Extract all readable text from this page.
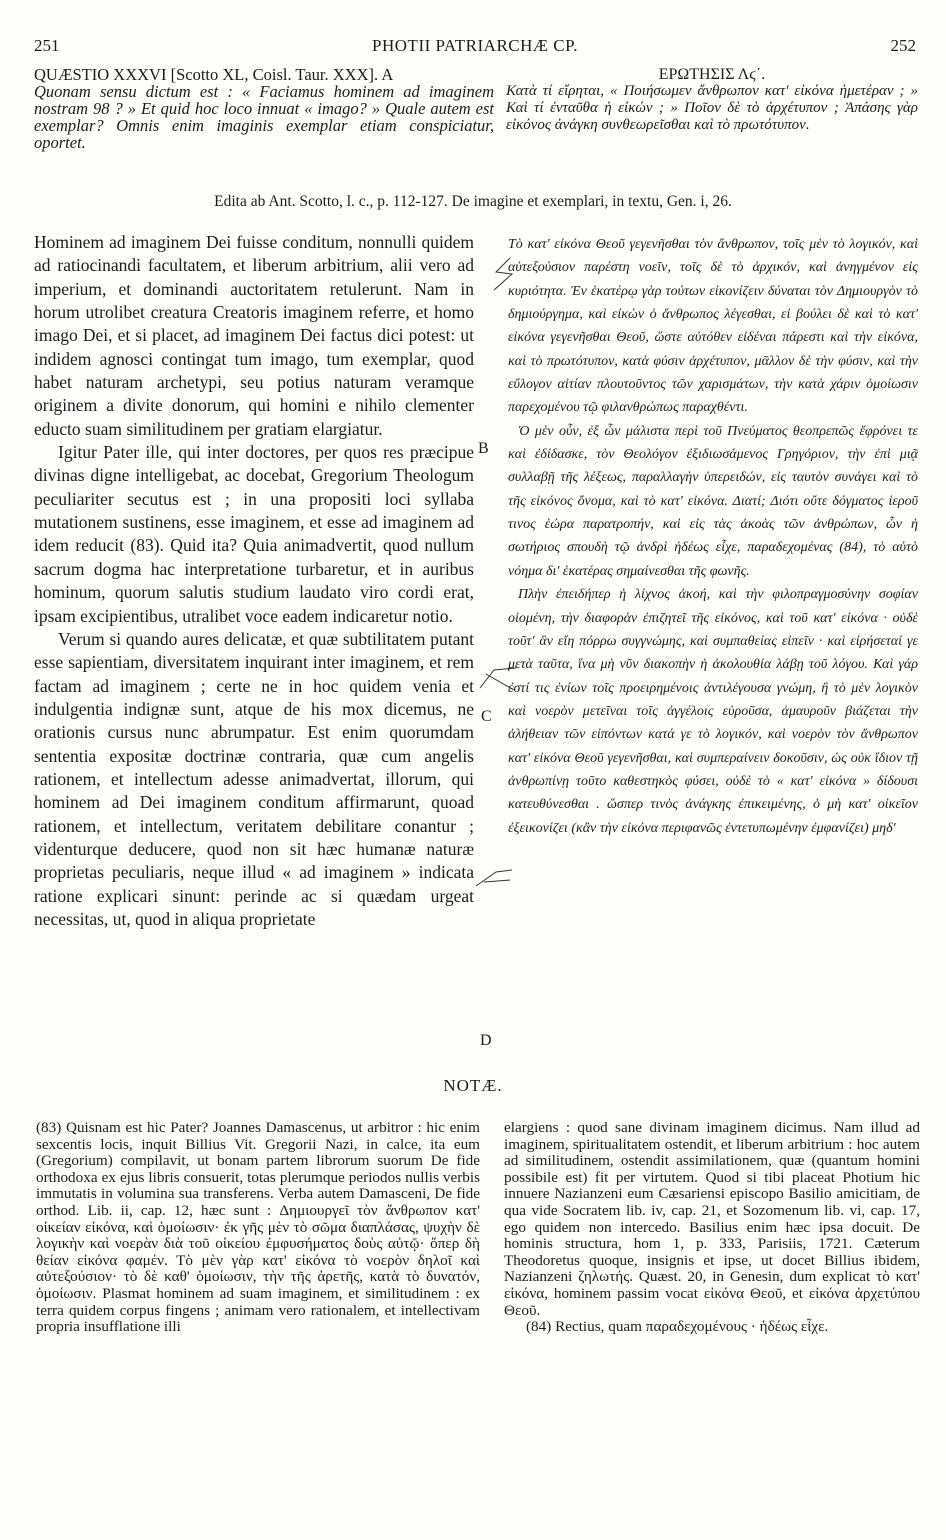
251	PHOTII PATRIARCHÆ CP.	252
QUÆSTIO XXXVI [Scotto XL, Coisl. Taur. XXX]. A
Quonam sensu dictum est : « Faciamus hominem ad imaginem nostram 98 ? » Et quid hoc loco innuat « imago? » Quale autem est exemplar? Omnis enim imaginis exemplar etiam conspiciatur, oportet.
ΕΡΩΤΗΣΙΣ Λϛ΄.
Κατὰ τί εἴρηται, « Ποιήσωμεν ἄνθρωπον κατ' εἰκόνα ἡμετέραν ; » Καὶ τί ἐνταῦθα ἡ εἰκών ; » Ποῖον δὲ τὸ ἀρχέτυπον ; Ἁπάσης γὰρ εἰκόνος ἀνάγκη συνθεωρεῖσθαι καὶ τὸ πρωτότυπον.
Edita ab Ant. Scotto, l. c., p. 112-127. De imagine et exemplari, in textu, Gen. i, 26.

Hominem ad imaginem Dei fuisse conditum, nonnulli quidem ad ratiocinandi facultatem, et liberum arbitrium, alii vero ad imperium, et dominandi auctoritatem retulerunt. Nam in horum utrolibet creatura Creatoris imaginem referre, et homo imago Dei, et si placet, ad imaginem Dei factus dici potest: ut indidem agnosci contingat tum imago, tum exemplar, quod habet naturam archetypi, seu potius naturam veramque originem a divite donorum, qui homini e nihilo clementer educto suam similitudinem per gratiam elargiatur.

Igitur Pater ille, qui inter doctores, per quos res præcipue divinas digne intelligebat, ac docebat, Gregorium Theologum peculiariter secutus est ; in una propositi loci syllaba mutationem sustinens, esse imaginem, et esse ad imaginem ad idem reducit (83). Quid ita? Quia animadvertit, quod nullum sacrum dogma hac interpretatione turbaretur, et in auribus hominum, quorum salutis studium laudato viro cordi erat, ipsam excipientibus, utralibet voce eadem indicaretur notio.

Verum si quando aures delicatæ, et quæ subtilitatem putant esse sapientiam, diversitatem inquirant inter imaginem, et rem factam ad imaginem ; certe ne in hoc quidem venia et indulgentia indignæ sunt, atque de his mox dicemus, ne orationis cursus nunc abrumpatur. Est enim quorumdam sententia expositæ doctrinæ contraria, quæ cum angelis rationem, et intellectum adesse animadvertat, illorum, qui hominem ad Dei imaginem conditum affirmarunt, quoad rationem, et intellectum, veritatem debilitare conantur ; videnturque deducere, quod non sit hæc humanæ naturæ proprietas peculiaris, neque illud « ad imaginem » indicata ratione explicari sinunt: perinde ac si quædam urgeat necessitas, ut, quod in aliqua proprietate

B
C
D

Τὸ κατ' εἰκόνα Θεοῦ γεγενῆσθαι τὸν ἄνθρωπον, τοῖς μὲν τὸ λογικόν, καὶ αὐτεξούσιον παρέστη νοεῖν, τοῖς δὲ τὸ ἀρχικόν, καὶ ἀνηγμένον εἰς κυριότητα. Ἐν ἑκατέρῳ γὰρ τούτων εἰκονίζειν δύναται τὸν Δημιουργὸν τὸ δημιούργημα, καὶ εἰκὼν ὁ ἄνθρωπος λέγεσθαι, εἰ βούλει δὲ καὶ τὸ κατ' εἰκόνα γεγενῆσθαι Θεοῦ, ὥστε αὐτόθεν εἰδέναι πάρεστι καὶ τὴν εἰκόνα, καὶ τὸ πρωτότυπον, κατὰ φύσιν ἀρχέτυπον, μᾶλλον δὲ τὴν φύσιν, καὶ τὴν εὔλογον αἰτίαν πλουτοῦντος τῶν χαρισμάτων, τὴν κατὰ χάριν ὁμοίωσιν παρεχομένου τῷ φιλανθρώπως παραχθέντι.

Ὁ μὲν οὖν, ἐξ ὧν μάλιστα περὶ τοῦ Πνεύματος θεοπρεπῶς ἔφρόνει τε καὶ ἐδίδασκε, τὸν Θεολόγον ἐξιδιωσάμενος Γρηγόριον, τὴν ἐπὶ μιᾷ συλλαβῇ τῆς λέξεως, παραλλαγὴν ὑπερειδών, εἰς ταυτὸν συνάγει καὶ τὸ τῆς εἰκόνος ὄνομα, καὶ τὸ κατ' εἰκόνα. Διατί; Διότι οὔτε δόγματος ἱεροῦ τινος ἑώρα παρατροπήν, καὶ εἰς τὰς ἀκοὰς τῶν ἀνθρώπων, ὧν ἡ σωτήριος σπουδὴ τῷ ἀνδρὶ ἠδέως εἶχε, παραδεχομένας (84), τὸ αὐτὸ νόημα δι' ἑκατέρας σημαίνεσθαι τῆς φωνῆς.

Πλὴν ἐπειδήπερ ἡ λίχνος ἀκοή, καὶ τὴν φιλοπραγμοσύνην σοφίαν οἰομένη, τὴν διαφορὰν ἐπιζητεῖ τῆς εἰκόνος, καὶ τοῦ κατ' εἰκόνα · οὐδὲ τοῦτ' ἂν εἴη πόρρω συγγνώμης, καὶ συμπαθείας εἰπεῖν · καὶ εἰρήσεταί γε μετὰ ταῦτα, ἵνα μὴ νῦν διακοπὴν ἡ ἀκολουθία λάβῃ τοῦ λόγου. Καὶ γάρ ἐστί τις ἐνίων τοῖς προειρημένοις ἀντιλέγουσα γνώμη, ἣ τὸ μὲν λογικὸν καὶ νοερὸν μετεῖναι τοῖς ἀγγέλοις εὑροῦσα, ἀμαυροῦν βιάζεται τὴν ἀλήθειαν τῶν εἰπόντων κατά γε τὸ λογικόν, καὶ νοερὸν τὸν ἄνθρωπον κατ' εἰκόνα Θεοῦ γεγενῆσθαι, καὶ συμπεραίνειν δοκοῦσιν, ὡς οὐκ ἴδιον τῇ ἀνθρωπίνῃ τοῦτο καθεστηκὸς φύσει, οὐδὲ τὸ « κατ' εἰκόνα » δίδουσι κατευθύνεσθαι . ὥσπερ τινὸς ἀνάγκης ἐπικειμένης, ὁ μὴ κατ' οἰκεῖον ἐξεικονίζει (κἂν τὴν εἰκόνα περιφανῶς ἐντετυπωμένην ἐμφανίζει) μηδ'

NOTÆ.

(83) Quisnam est hic Pater? Joannes Damascenus, ut arbitror : hic enim sexcentis locis, inquit Billius Vit. Gregorii Nazi, in calce, ita eum (Gregorium) compilavit, ut bonam partem librorum suorum De fide orthodoxa ex ejus libris consuerit, totas plerumque periodos nullis verbis immutatis in volumina sua transferens. Verba autem Damasceni, De fide orthod. Lib. ii, cap. 12, hæc sunt : Δημιουργεῖ τὸν ἄνθρωπον κατ' οἰκείαν εἰκόνα, καὶ ὁμοίωσιν· ἐκ γῆς μὲν τὸ σῶμα διαπλάσας, ψυχὴν δὲ λογικὴν καὶ νοερὰν διὰ τοῦ οἰκείου ἐμφυσήματος δοὺς αὐτῷ· ὅπερ δὴ θείαν εἰκόνα φαμέν. Τὸ μὲν γὰρ κατ' εἰκόνα τὸ νοερὸν δηλοῖ καὶ αὐτεξούσιον· τὸ δὲ καθ' ὁμοίωσιν, τὴν τῆς ἀρετῆς, κατὰ τὸ δυνατόν, ὁμοίωσιν. Plasmat hominem ad suam imaginem, et similitudinem : ex terra quidem corpus fingens ; animam vero rationalem, et intellectivam propria insufflatione illi

elargiens : quod sane divinam imaginem dicimus. Nam illud ad imaginem, spiritualitatem ostendit, et liberum arbitrium : hoc autem ad similitudinem, ostendit assimilationem, quæ (quantum homini possibile est) fit per virtutem. Quod si tibi placeat Photium hic innuere Nazianzeni eum Cæsariensi episcopo Basilio amicitiam, de qua vide Socratem lib. iv, cap. 21, et Sozomenum lib. vi, cap. 17, ego quidem non intercedo. Basilius enim hæc ipsa docuit. De hominis structura, hom 1, p. 333, Parisiis, 1721. Cæterum Theodoretus quoque, insignis et ipse, ut docet Billius ibidem, Nazianzeni ζηλωτής. Quæst. 20, in Genesin, dum explicat τὸ κατ' εἰκόνα, hominem passim vocat εἰκόνα Θεοῦ, et εἰκόνα ἀρχετύπου Θεοῦ.

(84) Rectius, quam παραδεχομένους · ἡδέως εἶχε.
